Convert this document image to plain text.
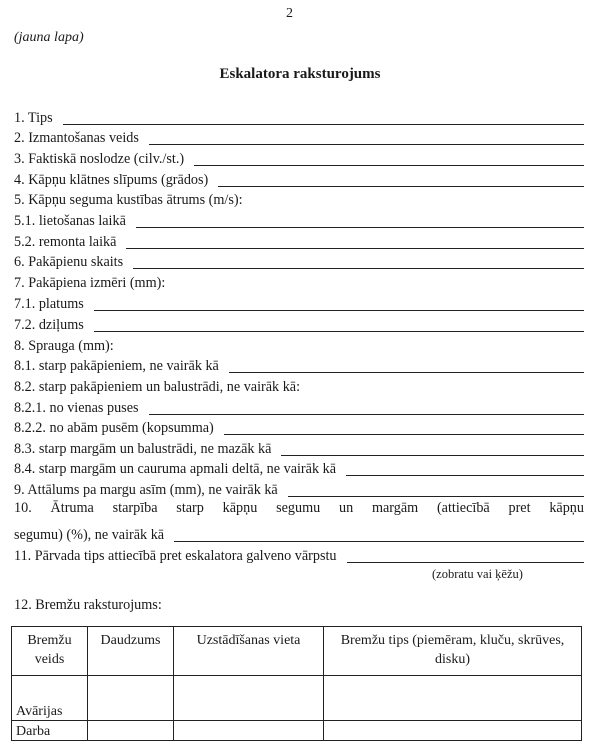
2
(jauna lapa)
Eskalatora raksturojums
1. Tips
2. Izmantošanas veids
3. Faktiskā noslodze (cilv./st.)
4. Kāpņu klātnes slīpums (grādos)
5. Kāpņu seguma kustības ātrums (m/s):
5.1. lietošanas laikā
5.2. remonta laikā
6. Pakāpienu skaits
7. Pakāpiena izmēri (mm):
7.1. platums
7.2. dziļums
8. Sprauga (mm):
8.1. starp pakāpieniem, ne vairāk kā
8.2. starp pakāpieniem un balustrādi, ne vairāk kā:
8.2.1. no vienas puses
8.2.2. no abām pusēm (kopsumma)
8.3. starp margām un balustrādi, ne mazāk kā
8.4. starp margām un cauruma apmali deltā, ne vairāk kā
9. Attālums pa margu asīm (mm), ne vairāk kā
10. Ātruma starpība starp kāpņu segumu un margām (attiecībā pret kāpņu
segumu) (%), ne vairāk kā
11. Pārvada tips attiecībā pret eskalatora galveno vārpstu
(zobratu vai ķēžu)
12. Bremžu raksturojums:
Bremžu veids	Daudzums	Uzstādīšanas vieta	Bremžu tips (piemēram, kluču, skrūves, disku)
Avārijas			
Darba			
